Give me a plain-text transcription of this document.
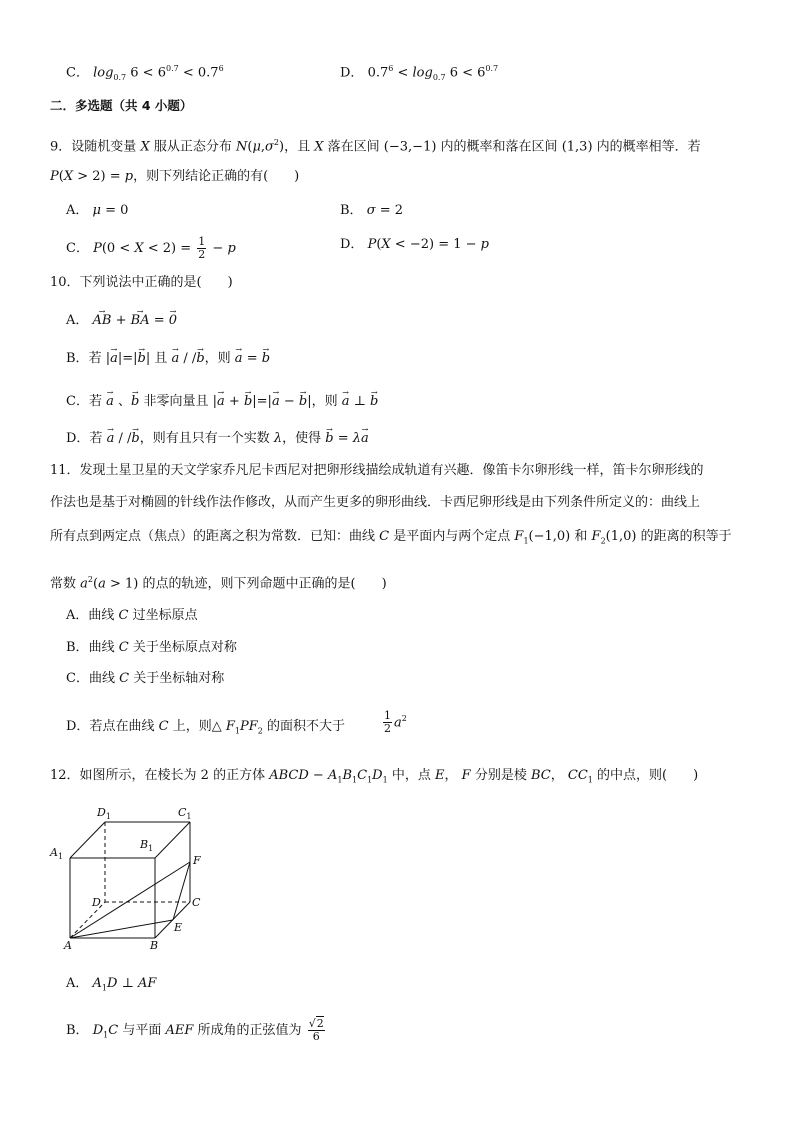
C． $\log_{0.7} 6 < 6^{0.7} < 0.7^6$	D． $0.7^6 < \log_{0.7} 6 < 6^{0.7}$
二．多选题（共 4 小题）
9．设随机变量 X 服从正态分布 $N(\mu,\sigma^2)$，且 X 落在区间 (−3,−1) 内的概率和落在区间 (1,3) 内的概率相等．若
P(X > 2) = p，则下列结论正确的有(　　)
A． μ = 0	B． σ = 2
C． $P(0 < X < 2) = \frac{1}{2} - p$	D． P(X < −2) = 1 − p
10．下列说法中正确的是(　　)
A． → AB + → BA = → 0
B．若 |→ a|=|→ b| 且 → a / /→ b，则 → a = → b
C．若 → a 、→ b 非零向量且 |→ a + → b|=|→ a − → b|，则 → a ⊥ → b
D．若 → a / /→ b，则有且只有一个实数 λ，使得 → b = λ→ a
11．发现土星卫星的天文学家乔凡尼卡西尼对把卵形线描绘成轨道有兴趣．像笛卡尔卵形线一样，笛卡尔卵形线的
作法也是基于对椭圆的针线作法作修改，从而产生更多的卵形曲线．卡西尼卵形线是由下列条件所定义的：曲线上
所有点到两定点（焦点）的距离之积为常数．已知：曲线 C 是平面内与两个定点 $F_1(-1,0)$ 和 $F_2(1,0)$ 的距离的积等于
常数 $a^2(a > 1)$ 的点的轨迹，则下列命题中正确的是(　　)
A．曲线 C 过坐标原点
B．曲线 C 关于坐标原点对称
C．曲线 C 关于坐标轴对称
D．若点在曲线 C 上，则△ $F_1PF_2$ 的面积不大于	$\frac{1}{2} a^2$
12．如图所示，在棱长为 2 的正方体 ABCD − $A_1B_1C_1D_1$ 中，点 E， F 分别是棱 BC， $CC_1$ 的中点，则(　　)
$D_1$	$C_1$
$A_1$
$B_1$
F
D	C
E
A	B
A． $A_1D$ ⊥ AF
B． $D_1C$ 与平面 AEF 所成角的正弦值为 $\frac{√2}{6}$
